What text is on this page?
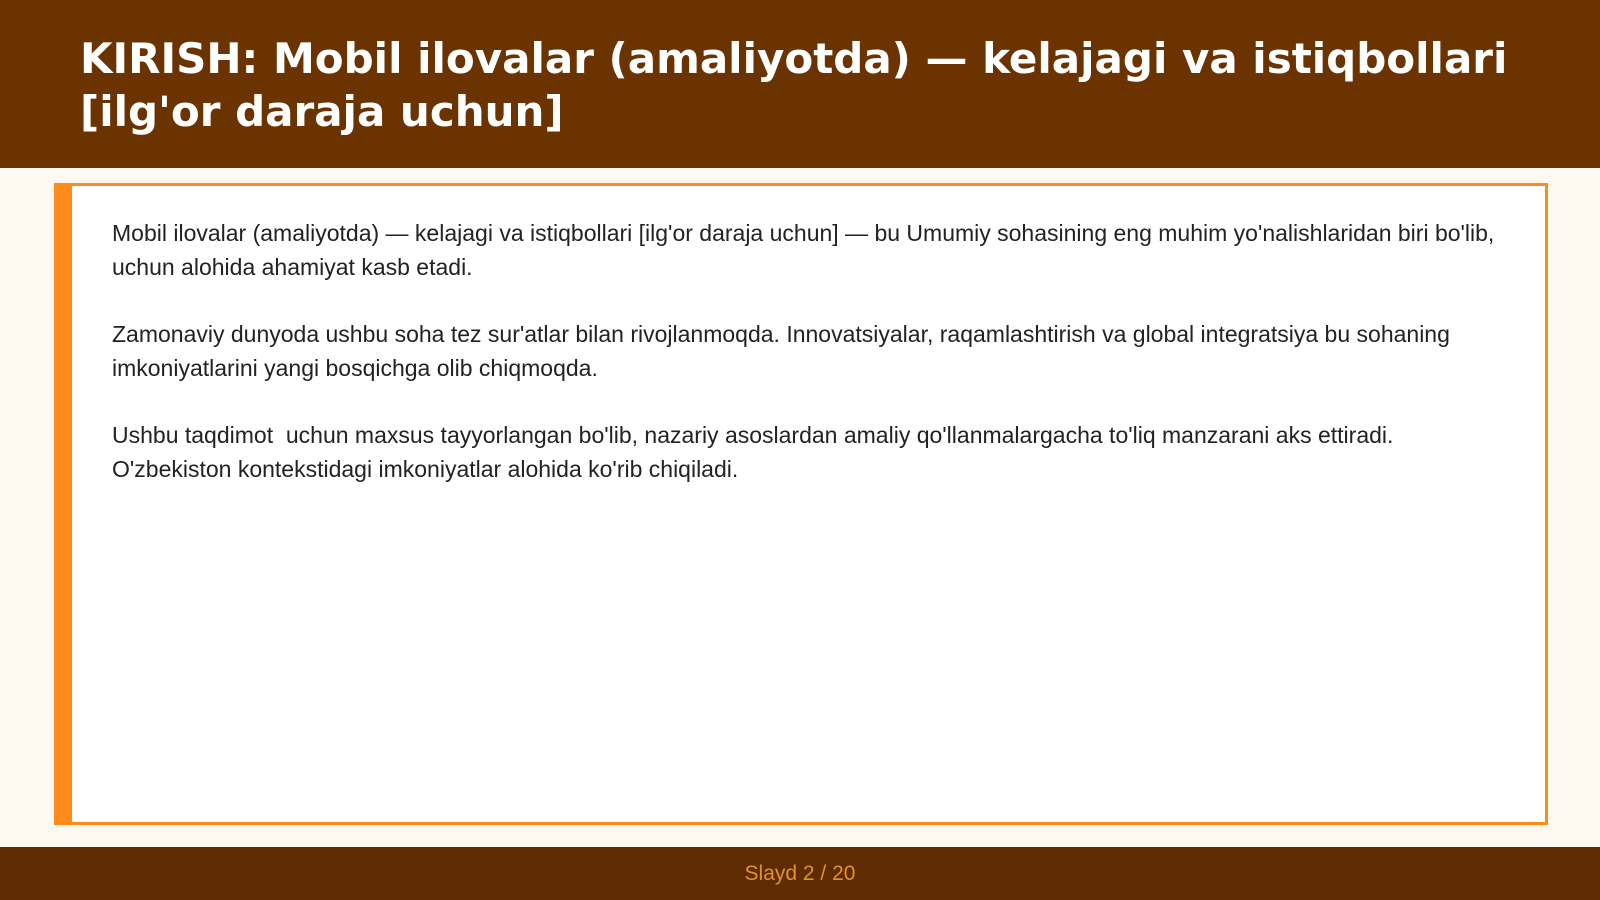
KIRISH: Mobil ilovalar (amaliyotda) — kelajagi va istiqbollari [ilg'or daraja uchun]

Mobil ilovalar (amaliyotda) — kelajagi va istiqbollari [ilg'or daraja uchun] — bu Umumiy sohasining eng muhim yo'nalishlaridan biri bo'lib,  uchun alohida ahamiyat kasb etadi.

Zamonaviy dunyoda ushbu soha tez sur'atlar bilan rivojlanmoqda. Innovatsiyalar, raqamlashtirish va global integratsiya bu sohaning imkoniyatlarini yangi bosqichga olib chiqmoqda.

Ushbu taqdimot  uchun maxsus tayyorlangan bo'lib, nazariy asoslardan amaliy qo'llanmalargacha to'liq manzarani aks ettiradi. O'zbekiston kontekstidagi imkoniyatlar alohida ko'rib chiqiladi.

Slayd 2 / 20
